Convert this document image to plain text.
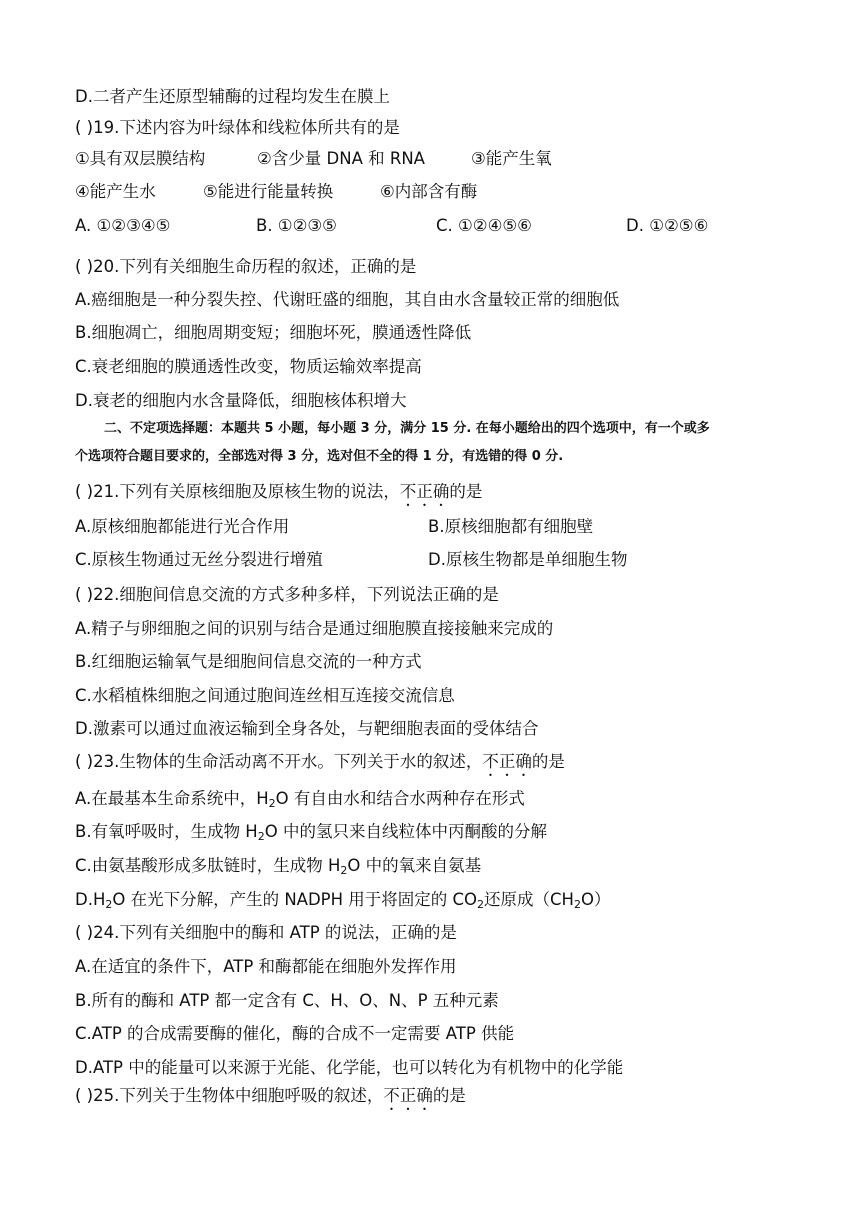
D.二者产生还原型辅酶的过程均发生在膜上
( )19.下述内容为叶绿体和线粒体所共有的是
①具有双层膜结构	②含少量 DNA 和 RNA	③能产生氧
④能产生水	⑤能进行能量转换	⑥内部含有酶
A. ①②③④⑤	B. ①②③⑤	C. ①②④⑤⑥	D. ①②⑤⑥
( )20.下列有关细胞生命历程的叙述，正确的是
A.癌细胞是一种分裂失控、代谢旺盛的细胞，其自由水含量较正常的细胞低
B.细胞凋亡，细胞周期变短；细胞坏死，膜通透性降低
C.衰老细胞的膜通透性改变，物质运输效率提高
D.衰老的细胞内水含量降低，细胞核体积增大
二、不定项选择题：本题共 5 小题，每小题 3 分，满分 15 分. 在每小题给出的四个选项中，有一个或多
个选项符合题目要求的，全部选对得 3 分，选对但不全的得 1 分，有选错的得 0 分.
( )21.下列有关原核细胞及原核生物的说法，不正确的是
A.原核细胞都能进行光合作用	B.原核细胞都有细胞壁
C.原核生物通过无丝分裂进行增殖	D.原核生物都是单细胞生物
( )22.细胞间信息交流的方式多种多样，下列说法正确的是
A.精子与卵细胞之间的识别与结合是通过细胞膜直接接触来完成的
B.红细胞运输氧气是细胞间信息交流的一种方式
C.水稻植株细胞之间通过胞间连丝相互连接交流信息
D.激素可以通过血液运输到全身各处，与靶细胞表面的受体结合
( )23.生物体的生命活动离不开水。下列关于水的叙述，不正确的是
A.在最基本生命系统中，$H_2O$ 有自由水和结合水两种存在形式
B.有氧呼吸时，生成物 $H_2O$ 中的氢只来自线粒体中丙酮酸的分解
C.由氨基酸形成多肽链时，生成物 $H_2O$ 中的氧来自氨基
$D.H_2O$ 在光下分解，产生的 NADPH 用于将固定的 $CO_2$还原成$(CH_2O)$
( )24.下列有关细胞中的酶和 ATP 的说法，正确的是
A.在适宜的条件下，ATP 和酶都能在细胞外发挥作用
B.所有的酶和 ATP 都一定含有 C、H、O、N、P 五种元素
C.ATP 的合成需要酶的催化，酶的合成不一定需要 ATP 供能
D.ATP 中的能量可以来源于光能、化学能，也可以转化为有机物中的化学能
( )25.下列关于生物体中细胞呼吸的叙述，不正确的是
